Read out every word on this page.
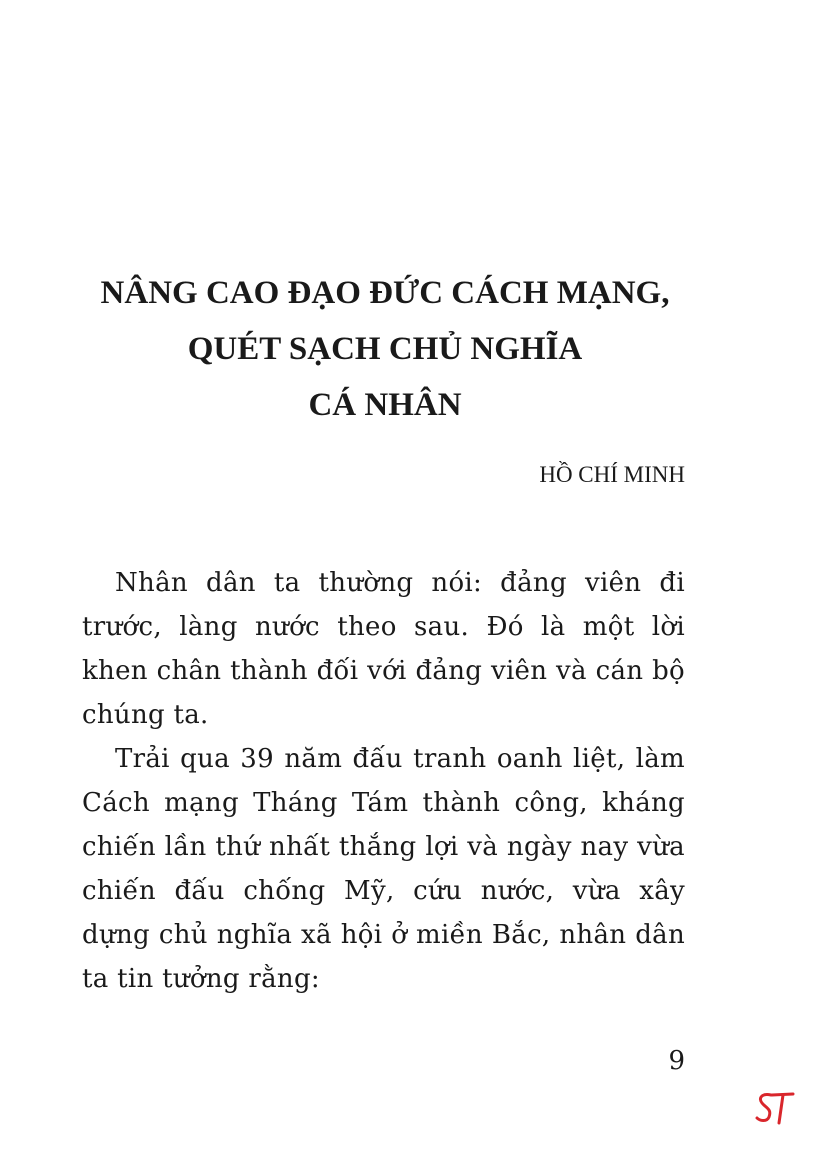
NÂNG CAO ĐẠO ĐỨC CÁCH MẠNG,
QUÉT SẠCH CHỦ NGHĨA
CÁ NHÂN
HỒ CHÍ MINH

Nhân dân ta thường nói: đảng viên đi trước, làng nước theo sau. Đó là một lời khen chân thành đối với đảng viên và cán bộ chúng ta.

Trải qua 39 năm đấu tranh oanh liệt, làm Cách mạng Tháng Tám thành công, kháng chiến lần thứ nhất thắng lợi và ngày nay vừa chiến đấu chống Mỹ, cứu nước, vừa xây dựng chủ nghĩa xã hội ở miền Bắc, nhân dân ta tin tưởng rằng:

9
